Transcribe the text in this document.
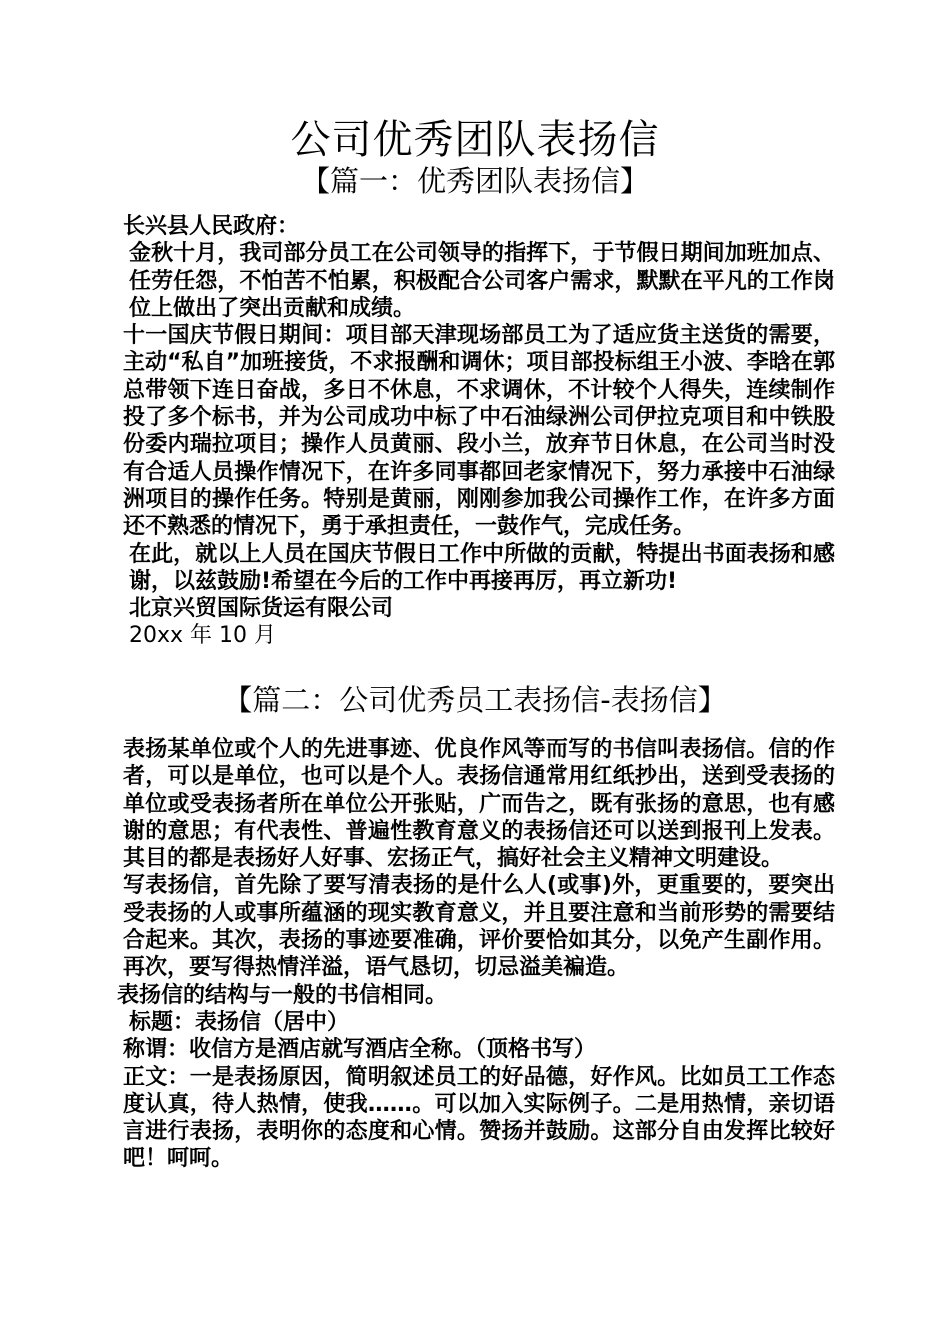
公司优秀团队表扬信
【篇一：优秀团队表扬信】

长兴县人民政府：

金秋十月，我司部分员工在公司领导的指挥下，于节假日期间加班加点、任劳任怨，不怕苦不怕累，积极配合公司客户需求，默默在平凡的工作岗位上做出了突出贡献和成绩。

十一国庆节假日期间：项目部天津现场部员工为了适应货主送货的需要，主动“私自”加班接货，不求报酬和调休；项目部投标组王小波、李晗在郭总带领下连日奋战，多日不休息，不求调休，不计较个人得失，连续制作投了多个标书，并为公司成功中标了中石油绿洲公司伊拉克项目和中铁股份委内瑞拉项目；操作人员黄丽、段小兰，放弃节日休息，在公司当时没有合适人员操作情况下，在许多同事都回老家情况下，努力承接中石油绿洲项目的操作任务。特别是黄丽，刚刚参加我公司操作工作，在许多方面还不熟悉的情况下，勇于承担责任，一鼓作气，完成任务。

在此，就以上人员在国庆节假日工作中所做的贡献，特提出书面表扬和感谢，以兹鼓励!希望在今后的工作中再接再厉，再立新功!

北京兴贸国际货运有限公司

20xx 年 10 月

【篇二：公司优秀员工表扬信-表扬信】

表扬某单位或个人的先进事迹、优良作风等而写的书信叫表扬信。信的作者，可以是单位，也可以是个人。表扬信通常用红纸抄出，送到受表扬的单位或受表扬者所在单位公开张贴，广而告之，既有张扬的意思，也有感谢的意思；有代表性、普遍性教育意义的表扬信还可以送到报刊上发表。其目的都是表扬好人好事、宏扬正气，搞好社会主义精神文明建设。

写表扬信，首先除了要写清表扬的是什么人(或事)外，更重要的，要突出受表扬的人或事所蕴涵的现实教育意义，并且要注意和当前形势的需要结合起来。其次，表扬的事迹要准确，评价要恰如其分，以免产生副作用。再次，要写得热情洋溢，语气恳切，切忌溢美褊造。

表扬信的结构与一般的书信相同。

标题：表扬信（居中）

称谓：收信方是酒店就写酒店全称。（顶格书写）

正文：一是表扬原因，简明叙述员工的好品德，好作风。比如员工工作态度认真，待人热情，使我……。可以加入实际例子。二是用热情，亲切语言进行表扬，表明你的态度和心情。赞扬并鼓励。这部分自由发挥比较好吧！呵呵。
